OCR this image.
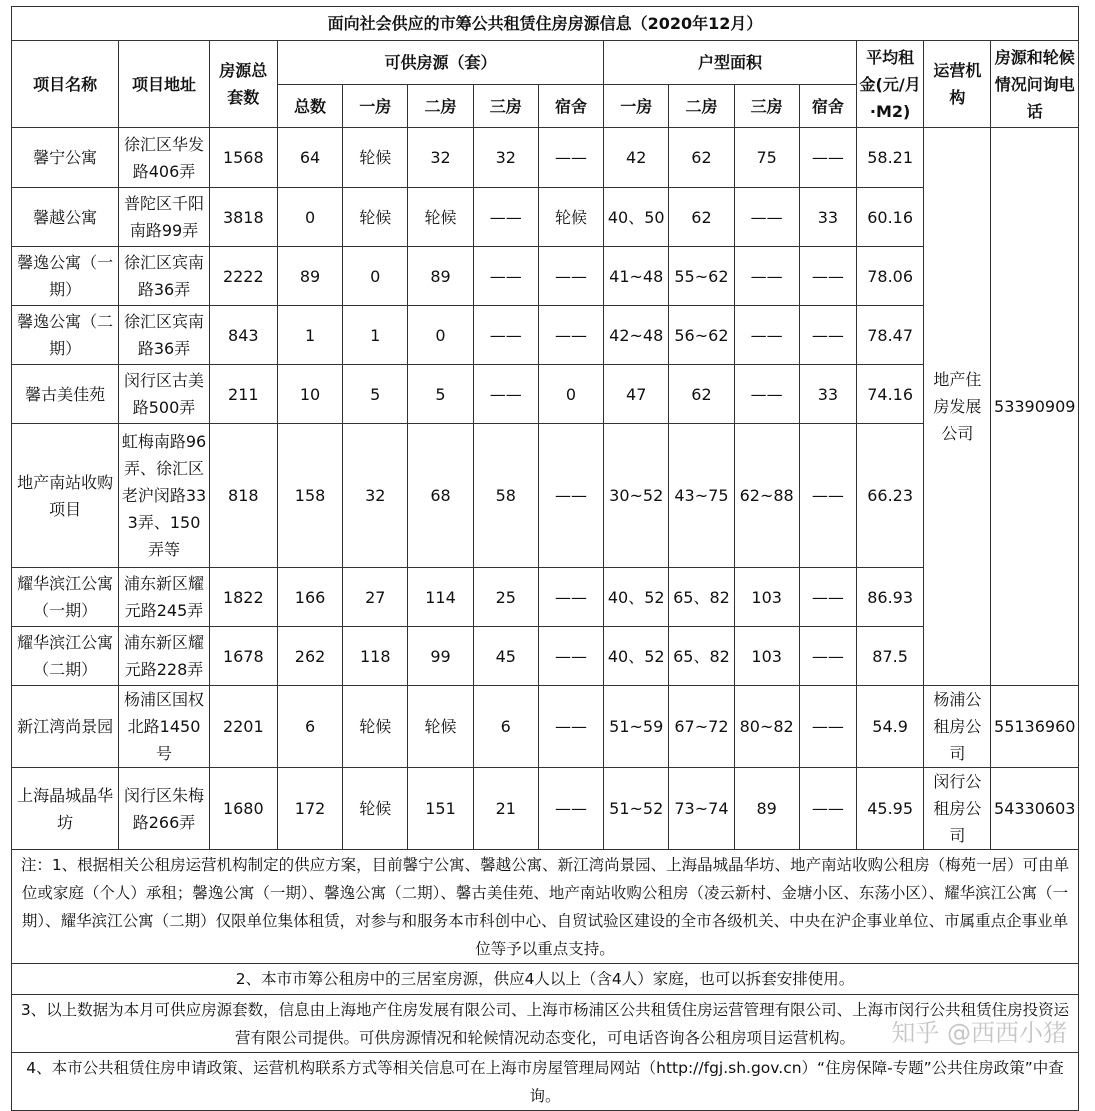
面向社会供应的市筹公共租赁住房房源信息（2020年12月）														
项目名称	项目地址	房源总套数	可供房源（套）					户型面积				平均租金(元/月·M2)	运营机构	房源和轮候情况问询电话
			总数	一房	二房	三房	宿舍	一房	二房	三房	宿舍			
馨宁公寓	徐汇区华发路406弄	1568	64	轮候	32	32	——	42	62	75	——	58.21	地产住房发展公司	53390909
馨越公寓	普陀区千阳南路99弄	3818	0	轮候	轮候	——	轮候	40、50	62	——	33	60.16		
馨逸公寓（一期）	徐汇区宾南路36弄	2222	89	0	89	——	——	41~48	55~62	——	——	78.06		
馨逸公寓（二期）	徐汇区宾南路36弄	843	1	1	0	——	——	42~48	56~62	——	——	78.47		
馨古美佳苑	闵行区古美路500弄	211	10	5	5	——	0	47	62	——	33	74.16		
地产南站收购项目	虹梅南路96弄、徐汇区老沪闵路333弄、150弄等	818	158	32	68	58	——	30~52	43~75	62~88	——	66.23		
耀华滨江公寓（一期）	浦东新区耀元路245弄	1822	166	27	114	25	——	40、52	65、82	103	——	86.93		
耀华滨江公寓（二期）	浦东新区耀元路228弄	1678	262	118	99	45	——	40、52	65、82	103	——	87.5		
新江湾尚景园	杨浦区国权北路1450号	2201	6	轮候	轮候	6	——	51~59	67~72	80~82	——	54.9	杨浦公租房公司	55136960
上海晶城晶华坊	闵行区朱梅路266弄	1680	172	轮候	151	21	——	51~52	73~74	89	——	45.95	闵行公租房公司	54330603
注：1、根据相关公租房运营机构制定的供应方案，目前馨宁公寓、馨越公寓、新江湾尚景园、上海晶城晶华坊、地产南站收购公租房（梅苑一居）可由单位或家庭（个人）承租；馨逸公寓（一期）、馨逸公寓（二期）、馨古美佳苑、地产南站收购公租房（凌云新村、金塘小区、东荡小区）、耀华滨江公寓（一期）、耀华滨江公寓（二期）仅限单位集体租赁，对参与和服务本市科创中心、自贸试验区建设的全市各级机关、中央在沪企事业单位、市属重点企事业单位等予以重点支持。														
2、本市市筹公租房中的三居室房源，供应4人以上（含4人）家庭，也可以拆套安排使用。														
3、以上数据为本月可供应房源套数，信息由上海地产住房发展有限公司、上海市杨浦区公共租赁住房运营管理有限公司、上海市闵行公共租赁住房投资运营有限公司提供。可供房源情况和轮候情况动态变化，可电话咨询各公租房项目运营机构。														
4、本市公共租赁住房申请政策、运营机构联系方式等相关信息可在上海市房屋管理局网站（http://fgj.sh.gov.cn）“住房保障-专题”公共住房政策”中查询。														
知乎 @西西小猪
